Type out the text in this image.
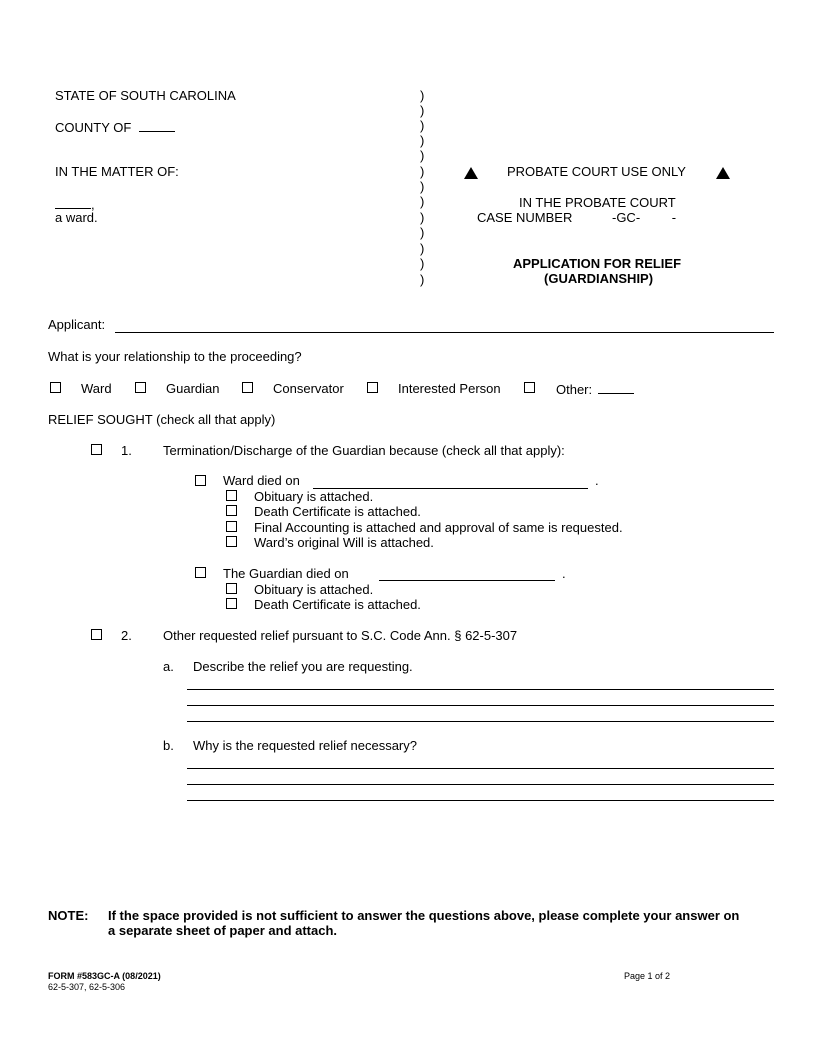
STATE OF SOUTH CAROLINA
COUNTY OF
IN THE MATTER OF:
,
a ward.
)
)
)
)
)
)
)
)
)
)
)
)
)
PROBATE COURT USE ONLY
IN THE PROBATE COURT
CASE NUMBER	-GC- -
APPLICATION FOR RELIEF
(GUARDIANSHIP)
Applicant:
What is your relationship to the proceeding?
Ward	Guardian	Conservator	Interested Person	Other:
RELIEF SOUGHT (check all that apply)
1. Termination/Discharge of the Guardian because (check all that apply):
Ward died on	.
Obituary is attached.
Death Certificate is attached.
Final Accounting is attached and approval of same is requested.
Ward’s original Will is attached.
The Guardian died on	.
Obituary is attached.
Death Certificate is attached.
2. Other requested relief pursuant to S.C. Code Ann. § 62-5-307
a. Describe the relief you are requesting.
b. Why is the requested relief necessary?
NOTE: If the space provided is not sufficient to answer the questions above, please complete your answer on
a separate sheet of paper and attach.
FORM #583GC-A (08/2021)
62-5-307, 62-5-306
Page 1 of 2
